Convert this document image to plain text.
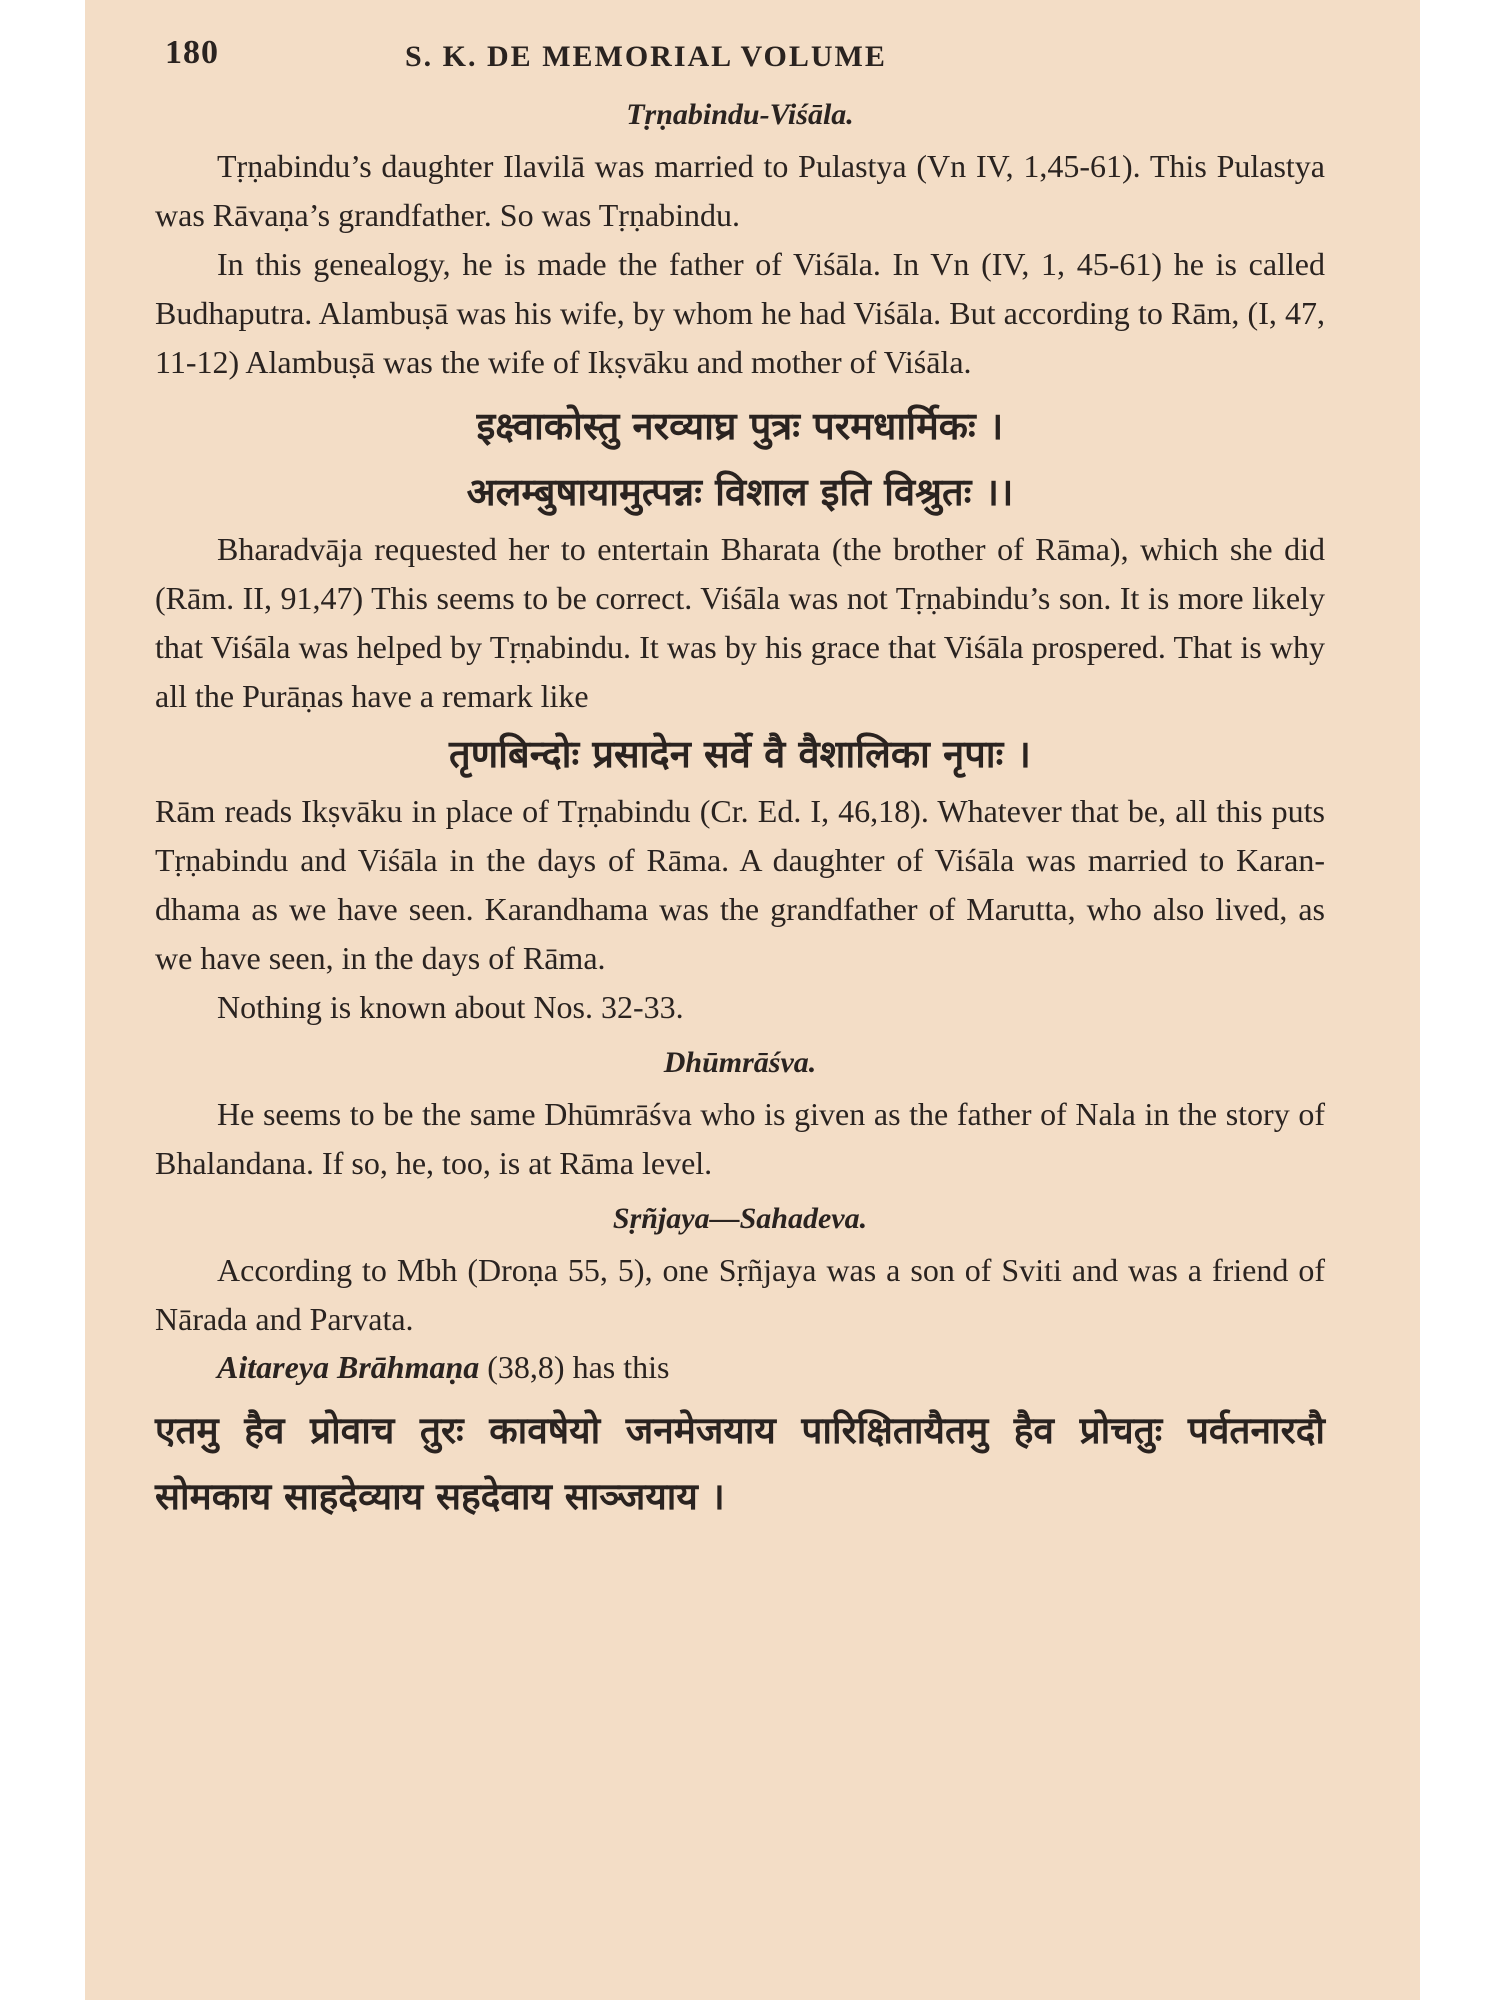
180	S. K. DE MEMORIAL VOLUME
Tṛṇabindu-Viśāla.

Tṛṇabindu’s daughter Ilavilā was married to Pulastya (Vn IV, 1,45-61). This Pulastya was Rāvaṇa’s grandfather. So was Tṛṇabindu.

In this genealogy, he is made the father of Viśāla. In Vn (IV, 1, 45-61) he is called Budhaputra. Alambuṣā was his wife, by whom he had Viśāla. But according to Rām, (I, 47, 11-12) Alambuṣā was the wife of Ikṣvāku and mother of Viśāla.

इक्ष्वाकोस्तु नरव्याघ्र पुत्रः परमधार्मिकः ।

अलम्बुषायामुत्पन्नः विशाल इति विश्रुतः ।।

Bharadvāja requested her to entertain Bharata (the brother of Rāma), which she did (Rām. II, 91,47) This seems to be correct. Viśāla was not Tṛṇabindu’s son. It is more likely that Viśāla was helped by Tṛṇabindu. It was by his grace that Viśāla prospered. That is why all the Purāṇas have a remark like

तृणबिन्दोः प्रसादेन सर्वे वै वैशालिका नृपाः ।

Rām reads Ikṣvāku in place of Tṛṇabindu (Cr. Ed. I, 46,18). Whatever that be, all this puts Tṛṇabindu and Viśāla in the days of Rāma. A daughter of Viśāla was married to Karan-dhama as we have seen. Karandhama was the grandfather of Marutta, who also lived, as we have seen, in the days of Rāma.

Nothing is known about Nos. 32-33.

Dhūmrāśva.

He seems to be the same Dhūmrāśva who is given as the father of Nala in the story of Bhalandana. If so, he, too, is at Rāma level.

Sṛñjaya—Sahadeva.

According to Mbh (Droṇa 55, 5), one Sṛñjaya was a son of Sviti and was a friend of Nārada and Parvata.

Aitareya Brāhmaṇa (38,8) has this

एतमु हैव प्रोवाच तुरः कावषेयो जनमेजयाय पारिक्षितायैतमु हैव प्रोचतुः पर्वतनारदौ सोमकाय साहदेव्याय सहदेवाय साञ्जयाय ।
